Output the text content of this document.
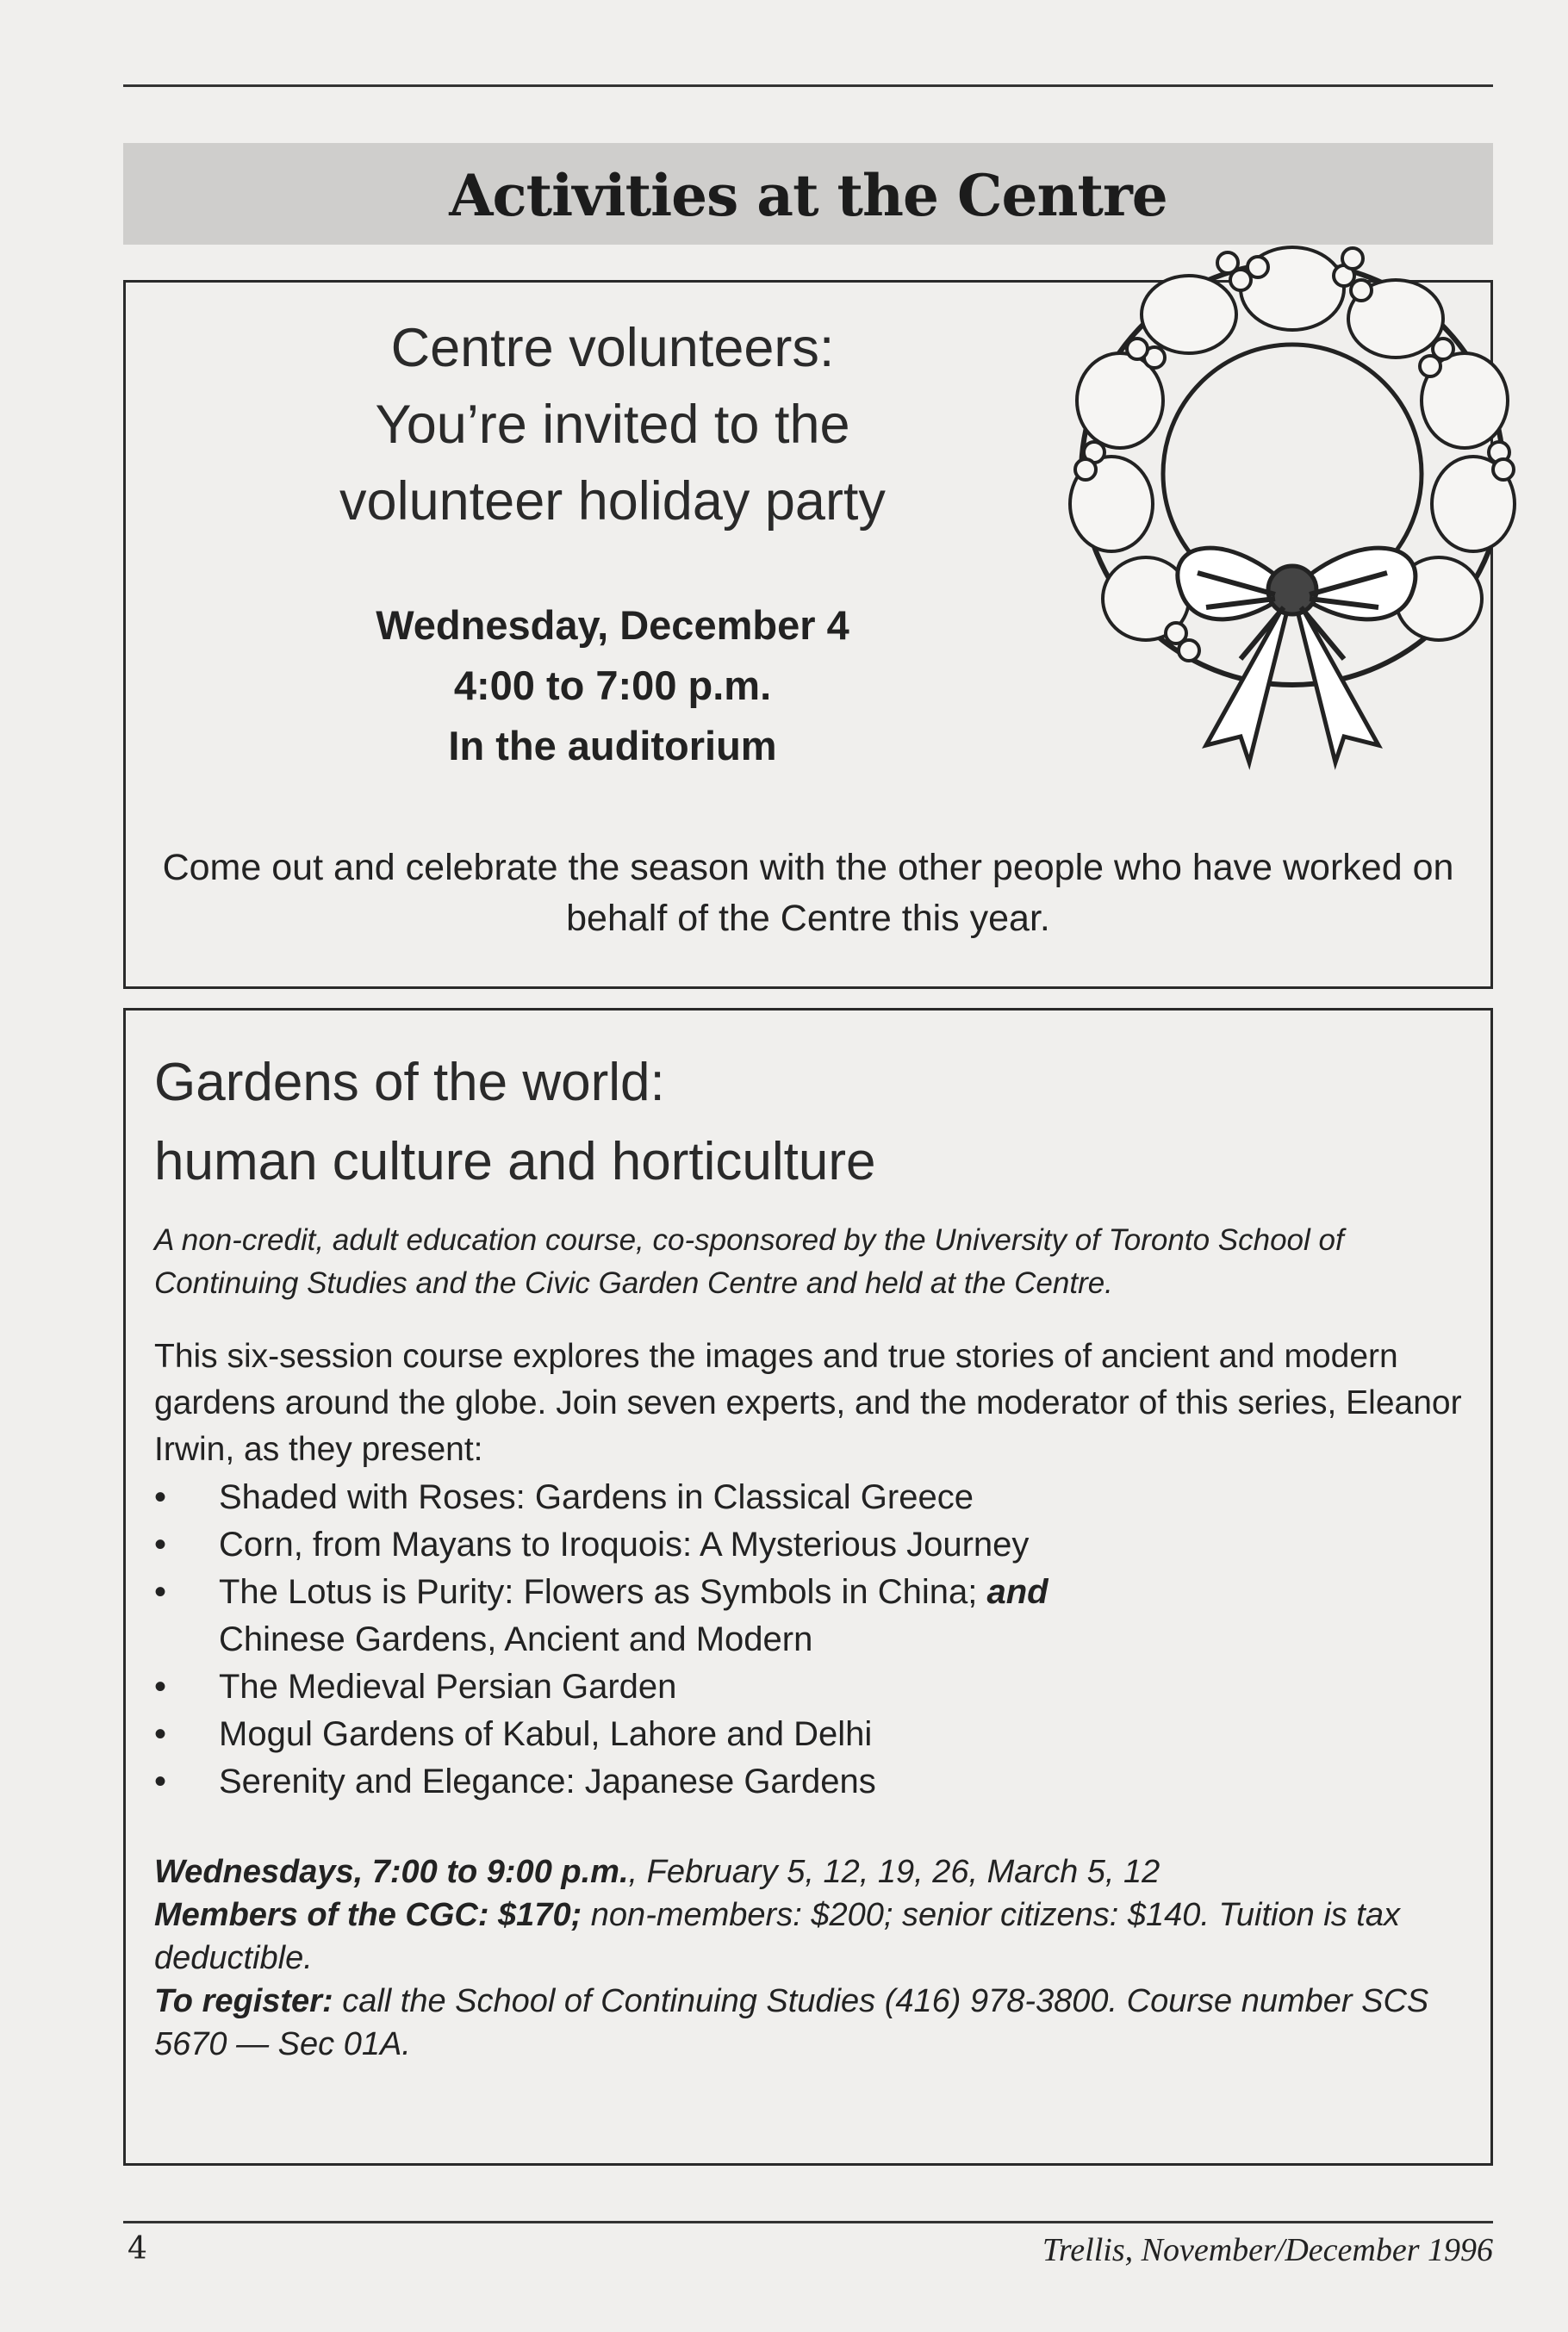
Activities at the Centre
Centre volunteers:
You’re invited to the
volunteer holiday party
Wednesday, December 4
4:00 to 7:00 p.m.
In the auditorium
Come out and celebrate the season with the other people who have worked on behalf of the Centre this year.
Gardens of the world:
human culture and horticulture
A non-credit, adult education course, co-sponsored by the University of Toronto School of Continuing Studies and the Civic Garden Centre and held at the Centre.
This six-session course explores the images and true stories of ancient and modern gardens around the globe. Join seven experts, and the moderator of this series, Eleanor Irwin, as they present:
• Shaded with Roses: Gardens in Classical Greece
• Corn, from Mayans to Iroquois: A Mysterious Journey
• The Lotus is Purity: Flowers as Symbols in China; and
Chinese Gardens, Ancient and Modern
• The Medieval Persian Garden
• Mogul Gardens of Kabul, Lahore and Delhi
• Serenity and Elegance: Japanese Gardens

Wednesdays, 7:00 to 9:00 p.m., February 5, 12, 19, 26, March 5, 12

Members of the CGC: $170; non-members: $200; senior citizens: $140. Tuition is tax deductible.

To register: call the School of Continuing Studies (416) 978-3800. Course number SCS 5670 — Sec 01A.

4	Trellis, November/December 1996
